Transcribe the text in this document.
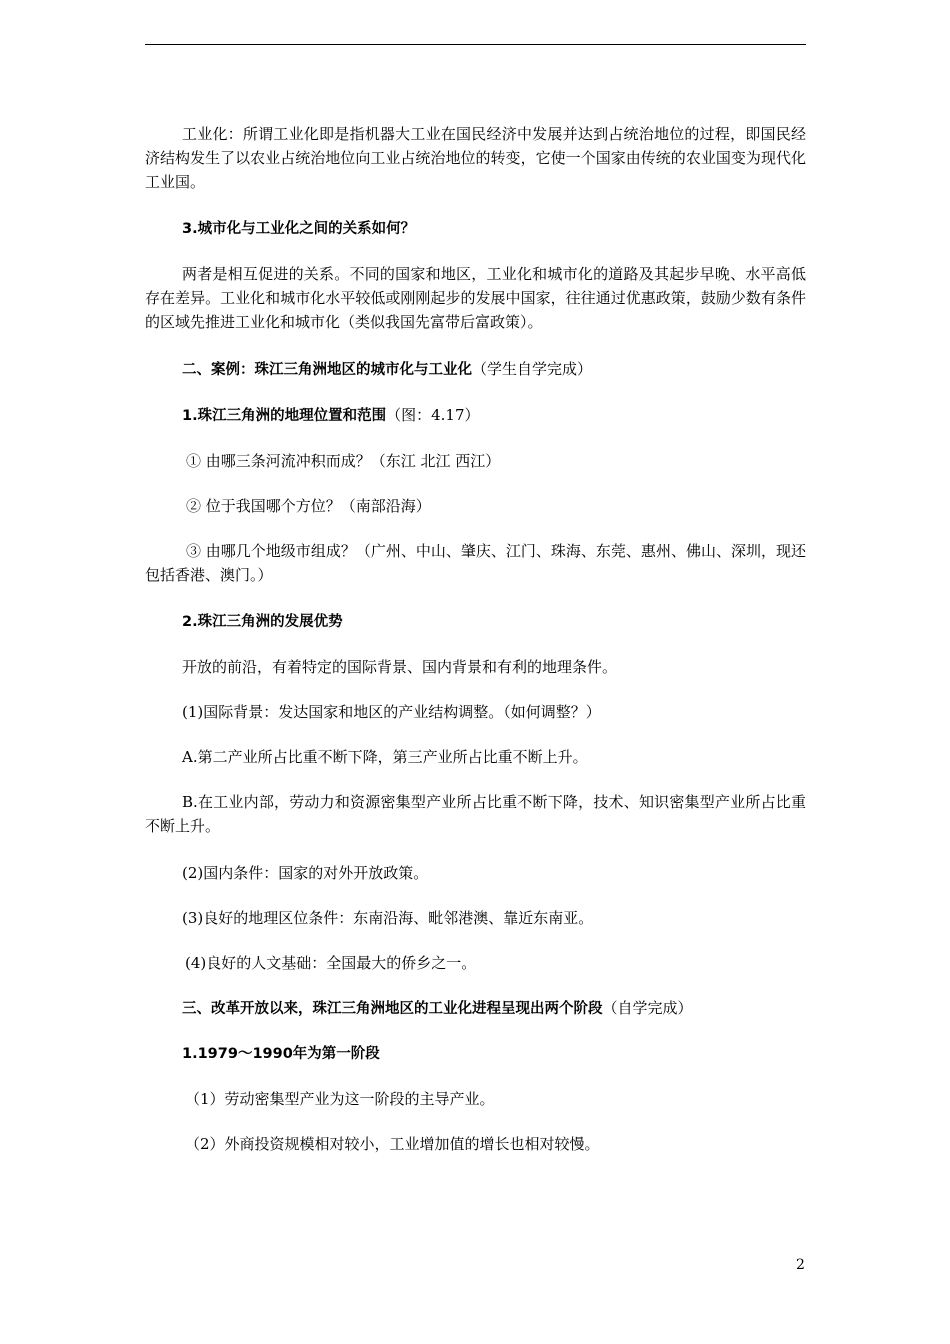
工业化：所谓工业化即是指机器大工业在国民经济中发展并达到占统治地位的过程，即国民经济结构发生了以农业占统治地位向工业占统治地位的转变，它使一个国家由传统的农业国变为现代化工业国。

3.城市化与工业化之间的关系如何？

两者是相互促进的关系。不同的国家和地区，工业化和城市化的道路及其起步早晚、水平高低存在差异。工业化和城市化水平较低或刚刚起步的发展中国家，往往通过优惠政策，鼓励少数有条件的区域先推进工业化和城市化（类似我国先富带后富政策）。

二、案例：珠江三角洲地区的城市化与工业化（学生自学完成）

1.珠江三角洲的地理位置和范围（图：4.17）

① 由哪三条河流冲积而成？（东江 北江 西江）

② 位于我国哪个方位？（南部沿海）

③ 由哪几个地级市组成？（广州、中山、肇庆、江门、珠海、东莞、惠州、佛山、深圳，现还包括香港、澳门。）

2.珠江三角洲的发展优势

开放的前沿，有着特定的国际背景、国内背景和有利的地理条件。

(1)国际背景：发达国家和地区的产业结构调整。（如何调整？）

A.第二产业所占比重不断下降，第三产业所占比重不断上升。

B.在工业内部，劳动力和资源密集型产业所占比重不断下降，技术、知识密集型产业所占比重不断上升。

(2)国内条件：国家的对外开放政策。

(3)良好的地理区位条件：东南沿海、毗邻港澳、靠近东南亚。

(4)良好的人文基础：全国最大的侨乡之一。

三、改革开放以来，珠江三角洲地区的工业化进程呈现出两个阶段（自学完成）

1.1979～1990年为第一阶段

（1）劳动密集型产业为这一阶段的主导产业。

（2）外商投资规模相对较小，工业增加值的增长也相对较慢。

2
